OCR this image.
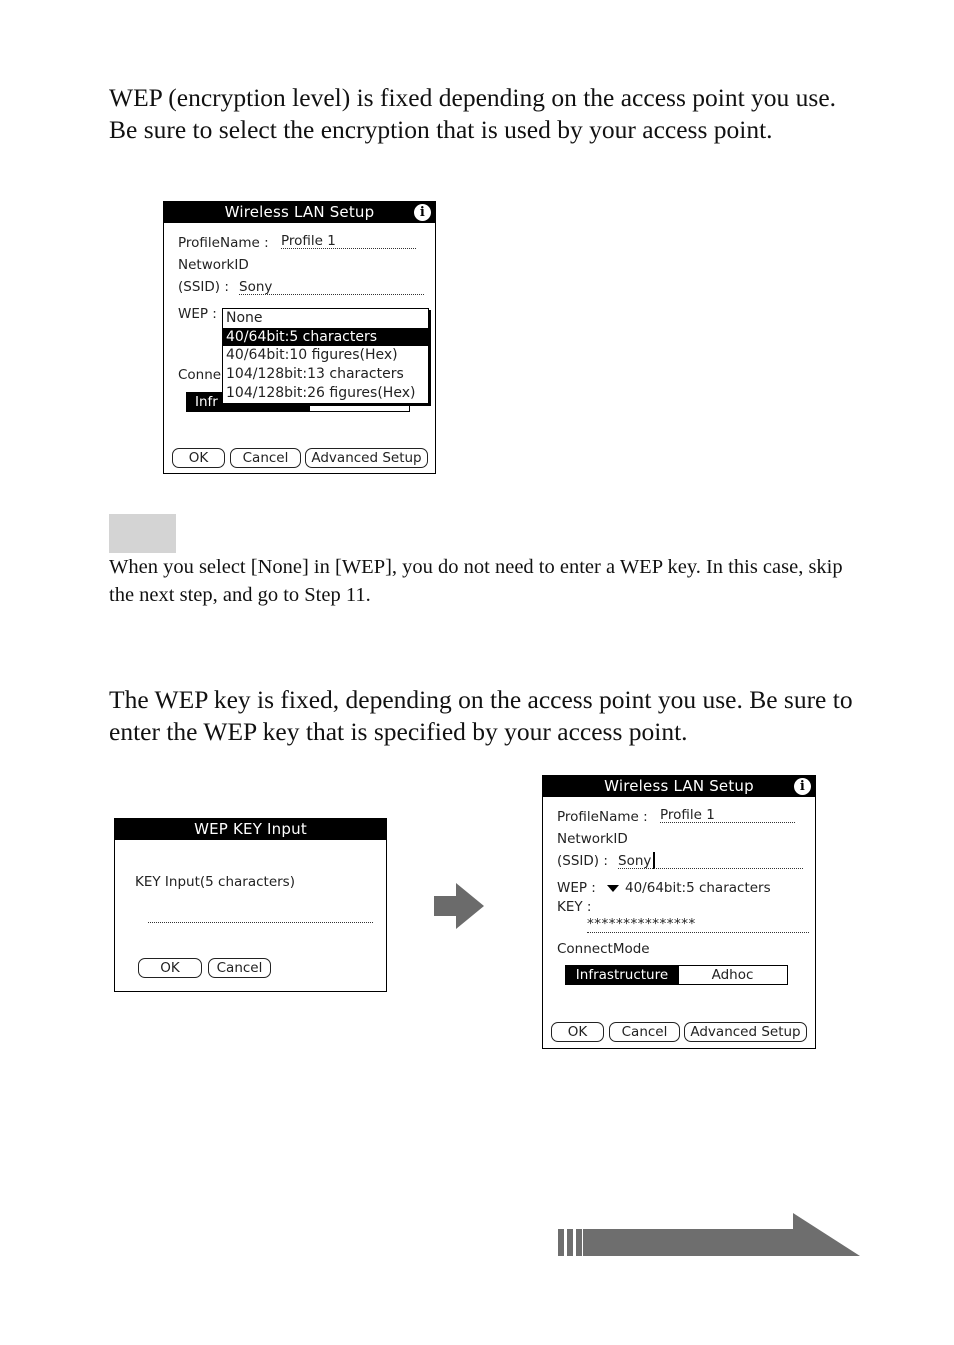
WEP (encryption level) is fixed depending on the access point you use. Be sure to select the encryption that is used by your access point.

Wireless LAN Setup	i
ProfileName : Profile 1
NetworkID
(SSID) : Sony
WEP :
Conne
Infr
None
40/64bit:5 characters
40/64bit:10 figures(Hex)
104/128bit:13 characters
104/128bit:26 figures(Hex)
OK	Cancel	Advanced Setup

When you select [None] in [WEP], you do not need to enter a WEP key. In this case, skip the next step, and go to Step 11.

The WEP key is fixed, depending on the access point you use. Be sure to enter the WEP key that is specified by your access point.

WEP KEY Input
KEY Input(5 characters)
OK	Cancel
Wireless LAN Setup	i
ProfileName : Profile 1
NetworkID
(SSID) : Sony
WEP :	40/64bit:5 characters
KEY :
***************
ConnectMode
Infrastructure	Adhoc
OK	Cancel	Advanced Setup
